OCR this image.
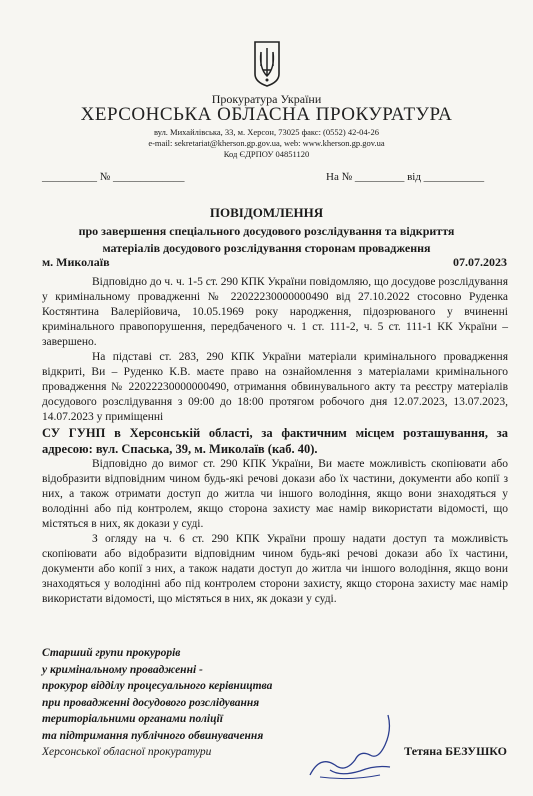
Прокуратура України

ХЕРСОНСЬКА ОБЛАСНА ПРОКУРАТУРА

вул. Михайлівська, 33, м. Херсон, 73025 факс: (0552) 42-04-26

e-mail: sekretariat@kherson.gp.gov.ua, web: www.kherson.gp.gov.ua

Код ЄДРПОУ 04851120

__________ № _____________	На № _________ від ___________
ПОВІДОМЛЕННЯ

про завершення спеціального досудового розслідування та відкриття матеріалів досудового розслідування сторонам провадження

м. Миколаїв	07.07.2023

Відповідно до ч. ч. 1-5 ст. 290 КПК України повідомляю, що досудове розслідування у кримінальному провадженні № 22022230000000490 від 27.10.2022 стосовно Руденка Костянтина Валерійовича, 10.05.1969 року народження, підозрюваного у вчиненні кримінального правопорушення, передбаченого ч. 1 ст. 111-2, ч. 5 ст. 111-1 КК України – завершено.

На підставі ст. 283, 290 КПК України матеріали кримінального провадження відкриті, Ви – Руденко К.В. маєте право на ознайомлення з матеріалами кримінального провадження № 22022230000000490, отримання обвинувального акту та реєстру матеріалів досудового розслідування з 09:00 до 18:00 протягом робочого дня 12.07.2023, 13.07.2023, 14.07.2023 у приміщенні

СУ ГУНП в Херсонській області, за фактичним місцем розташування, за адресою: вул. Спаська, 39, м. Миколаїв (каб. 40).

Відповідно до вимог ст. 290 КПК України, Ви маєте можливість скопіювати або відобразити відповідним чином будь-які речові докази або їх частини, документи або копії з них, а також отримати доступ до житла чи іншого володіння, якщо вони знаходяться у володінні або під контролем, якщо сторона захисту має намір використати відомості, що містяться в них, як докази у суді.

З огляду на ч. 6 ст. 290 КПК України прошу надати доступ та можливість скопіювати або відобразити відповідним чином будь-які речові докази або їх частини, документи або копії з них, а також надати доступ до житла чи іншого володіння, якщо вони знаходяться у володінні або під контролем сторони захисту, якщо сторона захисту має намір використати відомості, що містяться в них, як докази у суді.

Старший групи прокурорів
у кримінальному провадженні -
прокурор відділу процесуального керівництва
при провадженні досудового розслідування
територіальними органами поліції
та підтримання публічного обвинувачення
Херсонської обласної прокуратури	Тетяна БЕЗУШКО
